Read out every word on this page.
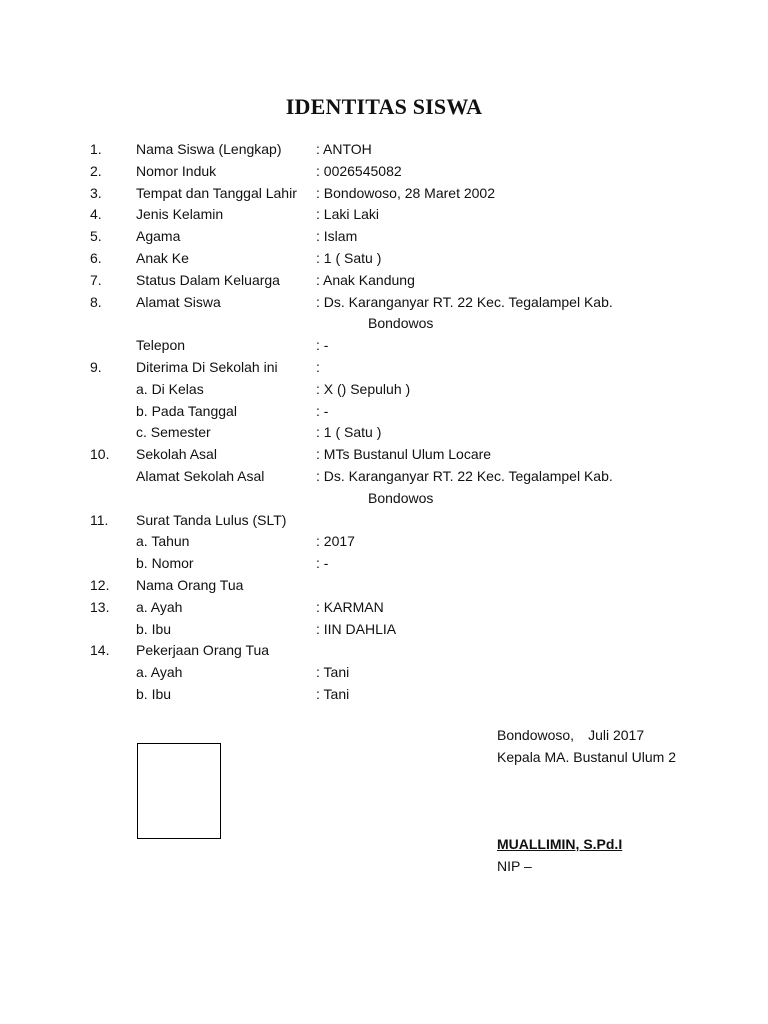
IDENTITAS SISWA
1. Nama Siswa (Lengkap) : ANTOH
2. Nomor Induk	: 0026545082
3. Tempat dan Tanggal Lahir : Bondowoso, 28 Maret 2002
4. Jenis Kelamin	: Laki Laki
5. Agama	: Islam
6. Anak Ke	: 1 ( Satu )
7. Status Dalam Keluarga	: Anak Kandung
8. Alamat Siswa	: Ds. Karanganyar RT. 22 Kec. Tegalampel Kab.
Bondowos
Telepon	: -
9. Diterima Di Sekolah ini	:
a. Di Kelas	: X () Sepuluh )
b. Pada Tanggal	: -
c. Semester	: 1 ( Satu )
10. Sekolah Asal	: MTs Bustanul Ulum Locare
Alamat Sekolah Asal	: Ds. Karanganyar RT. 22 Kec. Tegalampel Kab.
Bondowos
11. Surat Tanda Lulus (SLT)
a. Tahun	: 2017
b. Nomor	: -
12. Nama Orang Tua
13. a. Ayah	: KARMAN
b. Ibu	: IIN DAHLIA
14. Pekerjaan Orang Tua
a. Ayah	: Tani
b. Ibu	: Tani
Bondowoso, Juli 2017
Kepala MA. Bustanul Ulum 2
MUALLIMIN, S.Pd.I
NIP –
